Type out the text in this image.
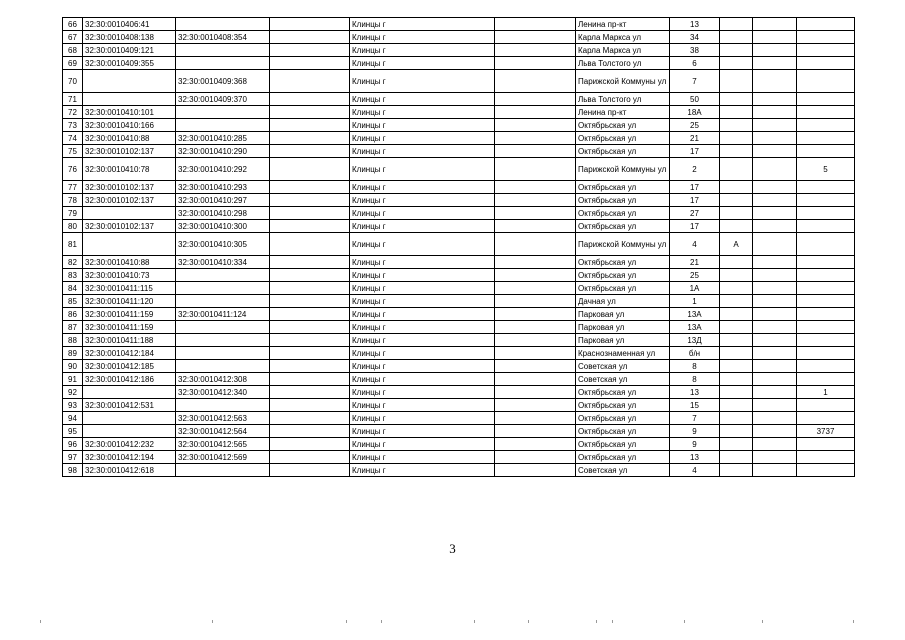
66	32:30:0010406:41			Клинцы г		Ленина пр-кт	13			
67	32:30:0010408:138	32:30:0010408:354		Клинцы г		Карла Маркса ул	34			
68	32:30:0010409:121			Клинцы г		Карла Маркса ул	38			
69	32:30:0010409:355			Клинцы г		Льва Толстого ул	6			
70		32:30:0010409:368		Клинцы г		Парижской Коммуны ул	7			
71		32:30:0010409:370		Клинцы г		Льва Толстого ул	50			
72	32:30:0010410:101			Клинцы г		Ленина пр-кт	18А			
73	32:30:0010410:166			Клинцы г		Октябрьская ул	25			
74	32:30:0010410:88	32:30:0010410:285		Клинцы г		Октябрьская ул	21			
75	32:30:0010102:137	32:30:0010410:290		Клинцы г		Октябрьская ул	17			
76	32:30:0010410:78	32:30:0010410:292		Клинцы г		Парижской Коммуны ул	2			5
77	32:30:0010102:137	32:30:0010410:293		Клинцы г		Октябрьская ул	17			
78	32:30:0010102:137	32:30:0010410:297		Клинцы г		Октябрьская ул	17			
79		32:30:0010410:298		Клинцы г		Октябрьская ул	27			
80	32:30:0010102:137	32:30:0010410:300		Клинцы г		Октябрьская ул	17			
81		32:30:0010410:305		Клинцы г		Парижской Коммуны ул	4	А		
82	32:30:0010410:88	32:30:0010410:334		Клинцы г		Октябрьская ул	21			
83	32:30:0010410:73			Клинцы г		Октябрьская ул	25			
84	32:30:0010411:115			Клинцы г		Октябрьская ул	1А			
85	32:30:0010411:120			Клинцы г		Дачная ул	1			
86	32:30:0010411:159	32:30:0010411:124		Клинцы г		Парковая ул	13А			
87	32:30:0010411:159			Клинцы г		Парковая ул	13А			
88	32:30:0010411:188			Клинцы г		Парковая ул	13Д			
89	32:30:0010412:184			Клинцы г		Краснознаменная ул	б/н			
90	32:30:0010412:185			Клинцы г		Советская ул	8			
91	32:30:0010412:186	32:30:0010412:308		Клинцы г		Советская ул	8			
92		32:30:0010412:340		Клинцы г		Октябрьская ул	13			1
93	32:30:0010412:531			Клинцы г		Октябрьская ул	15			
94		32:30:0010412:563		Клинцы г		Октябрьская ул	7			
95		32:30:0010412:564		Клинцы г		Октябрьская ул	9			3737
96	32:30:0010412:232	32:30:0010412:565		Клинцы г		Октябрьская ул	9			
97	32:30:0010412:194	32:30:0010412:569		Клинцы г		Октябрьская ул	13			
98	32:30:0010412:618			Клинцы г		Советская ул	4			
3
